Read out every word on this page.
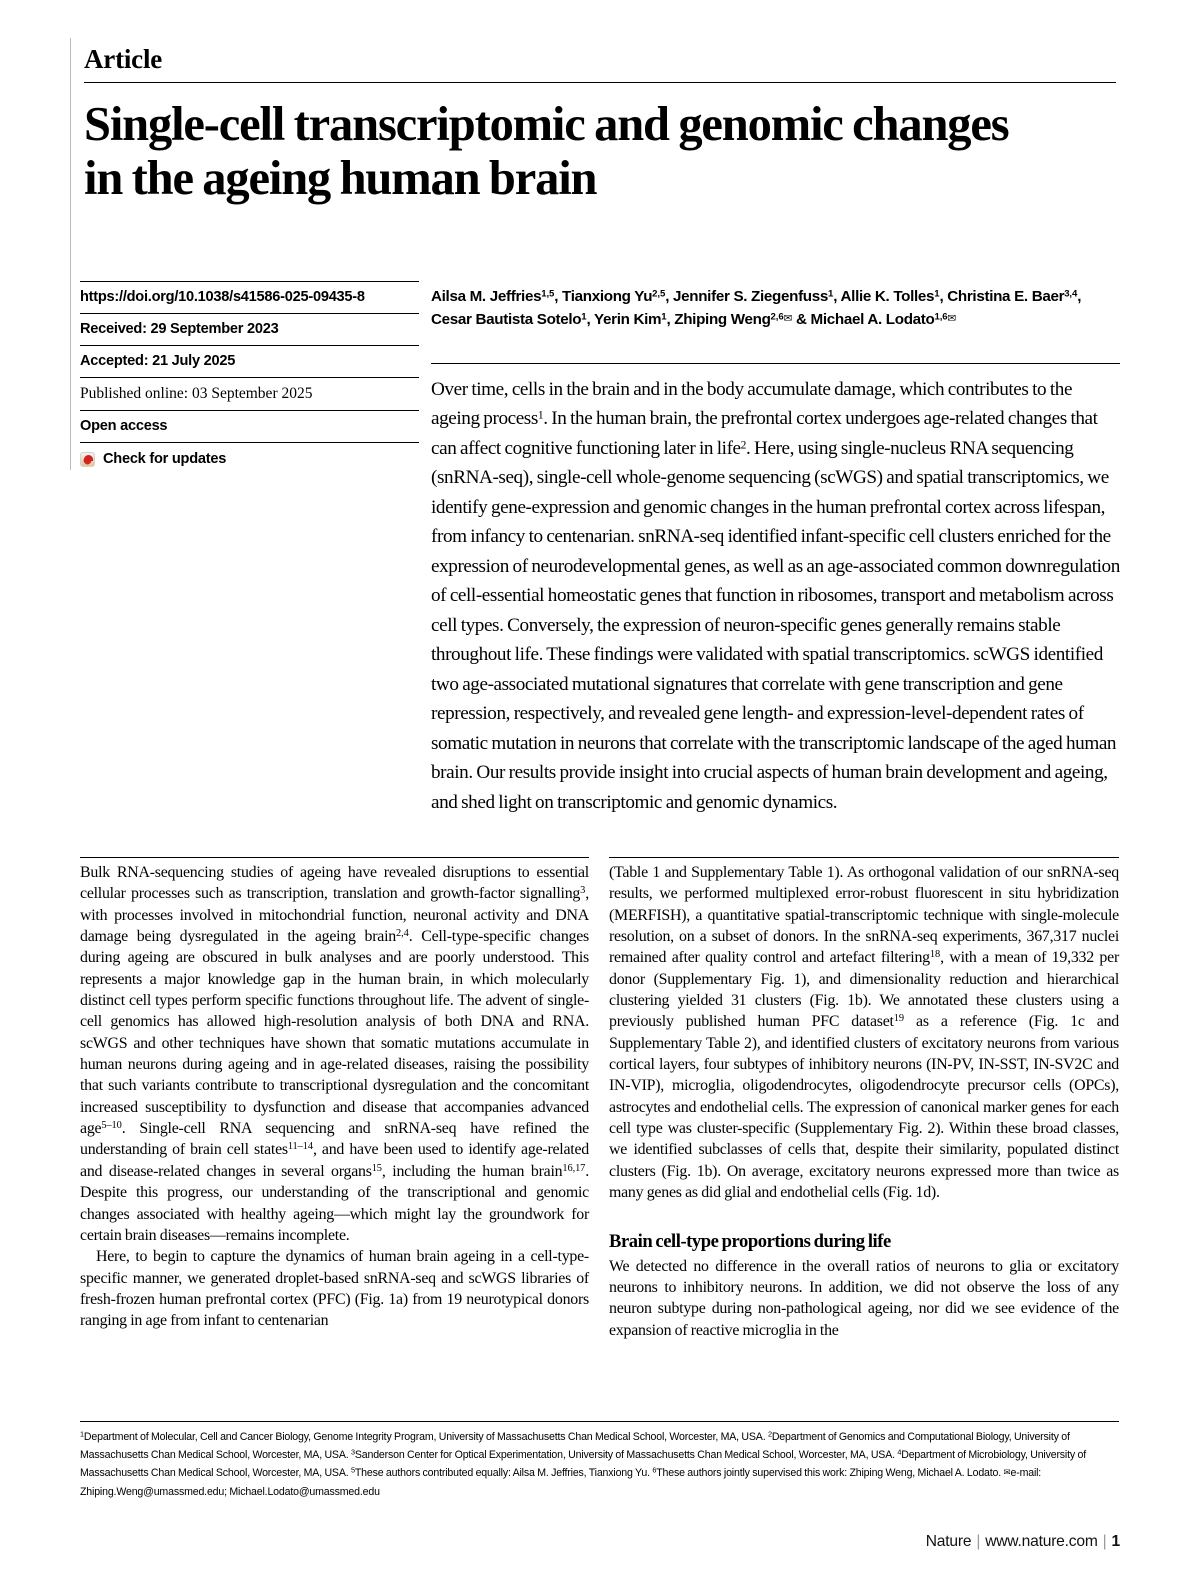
Article
Single-cell transcriptomic and genomic changes in the ageing human brain
https://doi.org/10.1038/s41586-025-09435-8
Received: 29 September 2023
Accepted: 21 July 2025
Published online: 03 September 2025
Open access
Check for updates
Ailsa M. Jeffries$^{1,5}$, Tianxiong Yu$^{2,5}$, Jennifer S. Ziegenfuss$^1$, Allie K. Tolles$^1$, Christina E. Baer$^{3,4}$,
Cesar Bautista Sotelo$^1$, Yerin Kim$^1$, Zhiping Weng$^{2,6}$✉ & Michael A. Lodato$^{1,6}$✉
Over time, cells in the brain and in the body accumulate damage, which contributes to the ageing process$^1$. In the human brain, the prefrontal cortex undergoes age-related changes that can affect cognitive functioning later in life$^2$. Here, using single-nucleus RNA sequencing (snRNA-seq), single-cell whole-genome sequencing (scWGS) and spatial transcriptomics, we identify gene-expression and genomic changes in the human prefrontal cortex across lifespan, from infancy to centenarian. snRNA-seq identified infant-specific cell clusters enriched for the expression of neurodevelopmental genes, as well as an age-associated common downregulation of cell-essential homeostatic genes that function in ribosomes, transport and metabolism across cell types. Conversely, the expression of neuron-specific genes generally remains stable throughout life. These findings were validated with spatial transcriptomics. scWGS identified two age-associated mutational signatures that correlate with gene transcription and gene repression, respectively, and revealed gene length- and expression-level-dependent rates of somatic mutation in neurons that correlate with the transcriptomic landscape of the aged human brain. Our results provide insight into crucial aspects of human brain development and ageing, and shed light on transcriptomic and genomic dynamics.

Bulk RNA-sequencing studies of ageing have revealed disruptions to essential cellular processes such as transcription, translation and growth-factor signalling$^3$, with processes involved in mitochondrial function, neuronal activity and DNA damage being dysregulated in the ageing brain$^{2,4}$. Cell-type-specific changes during ageing are obscured in bulk analyses and are poorly understood. This represents a major knowledge gap in the human brain, in which molecularly distinct cell types perform specific functions throughout life. The advent of single-cell genomics has allowed high-resolution analysis of both DNA and RNA. scWGS and other techniques have shown that somatic mutations accumulate in human neurons during ageing and in age-related diseases, raising the possibility that such variants contribute to transcriptional dysregulation and the concomitant increased susceptibility to dysfunction and disease that accompanies advanced age$^{5-10}$. Single-cell RNA sequencing and snRNA-seq have refined the understanding of brain cell states$^{11-14}$, and have been used to identify age-related and disease-related changes in several organs$^{15}$, including the human brain$^{16,17}$. Despite this progress, our understanding of the transcriptional and genomic changes associated with healthy ageing—which might lay the groundwork for certain brain diseases—remains incomplete.

Here, to begin to capture the dynamics of human brain ageing in a cell-type-specific manner, we generated droplet-based snRNA-seq and scWGS libraries of fresh-frozen human prefrontal cortex (PFC) (Fig. 1a) from 19 neurotypical donors ranging in age from infant to centenarian

(Table 1 and Supplementary Table 1). As orthogonal validation of our snRNA-seq results, we performed multiplexed error-robust fluorescent in situ hybridization (MERFISH), a quantitative spatial-transcriptomic technique with single-molecule resolution, on a subset of donors. In the snRNA-seq experiments, 367,317 nuclei remained after quality control and artefact filtering$^{18}$, with a mean of 19,332 per donor (Supplementary Fig. 1), and dimensionality reduction and hierarchical clustering yielded 31 clusters (Fig. 1b). We annotated these clusters using a previously published human PFC dataset$^{19}$ as a reference (Fig. 1c and Supplementary Table 2), and identified clusters of excitatory neurons from various cortical layers, four subtypes of inhibitory neurons (IN-PV, IN-SST, IN-SV2C and IN-VIP), microglia, oligodendrocytes, oligodendrocyte precursor cells (OPCs), astrocytes and endothelial cells. The expression of canonical marker genes for each cell type was cluster-specific (Supplementary Fig. 2). Within these broad classes, we identified subclasses of cells that, despite their similarity, populated distinct clusters (Fig. 1b). On average, excitatory neurons expressed more than twice as many genes as did glial and endothelial cells (Fig. 1d).

Brain cell-type proportions during life

We detected no difference in the overall ratios of neurons to glia or excitatory neurons to inhibitory neurons. In addition, we did not observe the loss of any neuron subtype during non-pathological ageing, nor did we see evidence of the expansion of reactive microglia in the

$^1$Department of Molecular, Cell and Cancer Biology, Genome Integrity Program, University of Massachusetts Chan Medical School, Worcester, MA, USA. $^2$Department of Genomics and Computational Biology, University of Massachusetts Chan Medical School, Worcester, MA, USA. $^3$Sanderson Center for Optical Experimentation, University of Massachusetts Chan Medical School, Worcester, MA, USA. $^4$Department of Microbiology, University of Massachusetts Chan Medical School, Worcester, MA, USA. $^5$These authors contributed equally: Ailsa M. Jeffries, Tianxiong Yu. $^6$These authors jointly supervised this work: Zhiping Weng, Michael A. Lodato. ✉e-mail: Zhiping.Weng@umassmed.edu; Michael.Lodato@umassmed.edu
Nature | www.nature.com | 1
